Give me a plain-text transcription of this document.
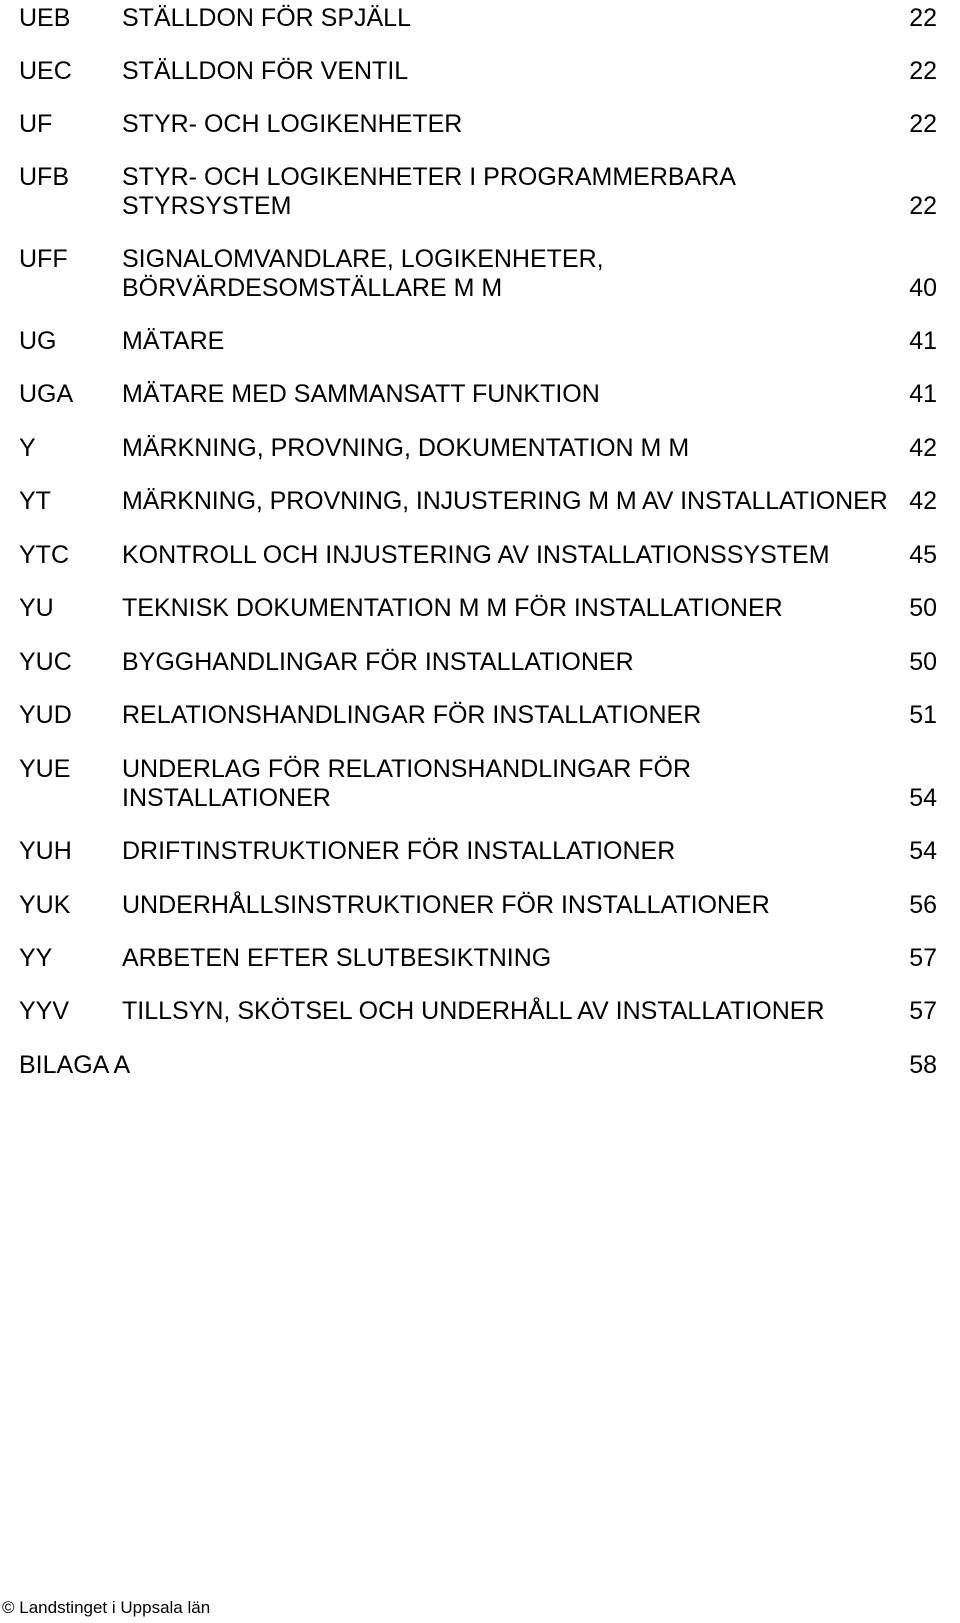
UEB STÄLLDON FÖR SPJÄLL	22
UEC STÄLLDON FÖR VENTIL	22
UF	STYR- OCH LOGIKENHETER	22
UFB STYR- OCH LOGIKENHETER I PROGRAMMERBARA
STYRSYSTEM	22
UFF SIGNALOMVANDLARE, LOGIKENHETER,
BÖRVÄRDESOMSTÄLLARE M M	40
UG	MÄTARE	41
UGA MÄTARE MED SAMMANSATT FUNKTION	41
Y	MÄRKNING, PROVNING, DOKUMENTATION M M	42
YT	MÄRKNING, PROVNING, INJUSTERING M M AV INSTALLATIONER 42
YTC KONTROLL OCH INJUSTERING AV INSTALLATIONSSYSTEM	45
YU	TEKNISK DOKUMENTATION M M FÖR INSTALLATIONER	50
YUC BYGGHANDLINGAR FÖR INSTALLATIONER	50
YUD RELATIONSHANDLINGAR FÖR INSTALLATIONER	51
YUE UNDERLAG FÖR RELATIONSHANDLINGAR FÖR
INSTALLATIONER	54
YUH DRIFTINSTRUKTIONER FÖR INSTALLATIONER	54
YUK UNDERHÅLLSINSTRUKTIONER FÖR INSTALLATIONER	56
YY	ARBETEN EFTER SLUTBESIKTNING	57
YYV TILLSYN, SKÖTSEL OCH UNDERHÅLL AV INSTALLATIONER	57
BILAGA A	58
© Landstinget i Uppsala län
